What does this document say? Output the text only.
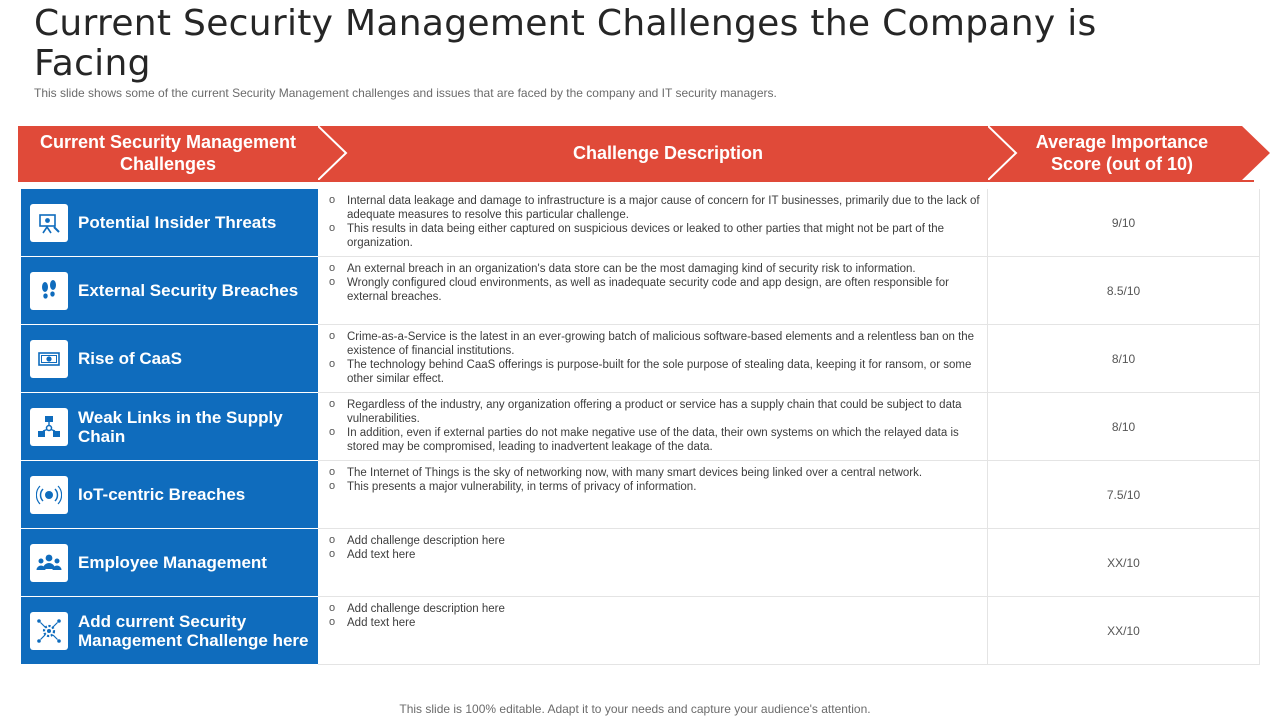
Current Security Management Challenges the Company is Facing
This slide shows some of the current Security Management challenges and issues that are faced by the company and IT security managers.
Current Security Management Challenges
Challenge Description
Average Importance Score (out of 10)
Potential Insider Threats
o Internal data leakage and damage to infrastructure is a major cause of concern for IT businesses, primarily due to the lack of adequate measures to resolve this particular challenge.
o This results in data being either captured on suspicious devices or leaked to other parties that might not be part of the organization.
9/10
External Security Breaches
o An external breach in an organization's data store can be the most damaging kind of security risk to information.
o Wrongly configured cloud environments, as well as inadequate security code and app design, are often responsible for external breaches.	8.5/10
Rise of CaaS
o Crime-as-a-Service is the latest in an ever-growing batch of malicious software-based elements and a relentless ban on the existence of financial institutions.
o The technology behind CaaS offerings is purpose-built for the sole purpose of stealing data, keeping it for ransom, or some other similar effect.
8/10
Weak Links in the Supply Chain
o Regardless of the industry, any organization offering a product or service has a supply chain that could be subject to data vulnerabilities.
o In addition, even if external parties do not make negative use of the data, their own systems on which the relayed data is stored may be compromised, leading to inadvertent leakage of the data.
8/10
IoT-centric Breaches
o The Internet of Things is the sky of networking now, with many smart devices being linked over a central network.
o This presents a major vulnerability, in terms of privacy of information.
7.5/10
Employee Management
o Add challenge description here
o Add text here
XX/10
Add current Security Management Challenge here
o Add challenge description here
o Add text here
XX/10
This slide is 100% editable. Adapt it to your needs and capture your audience's attention.
